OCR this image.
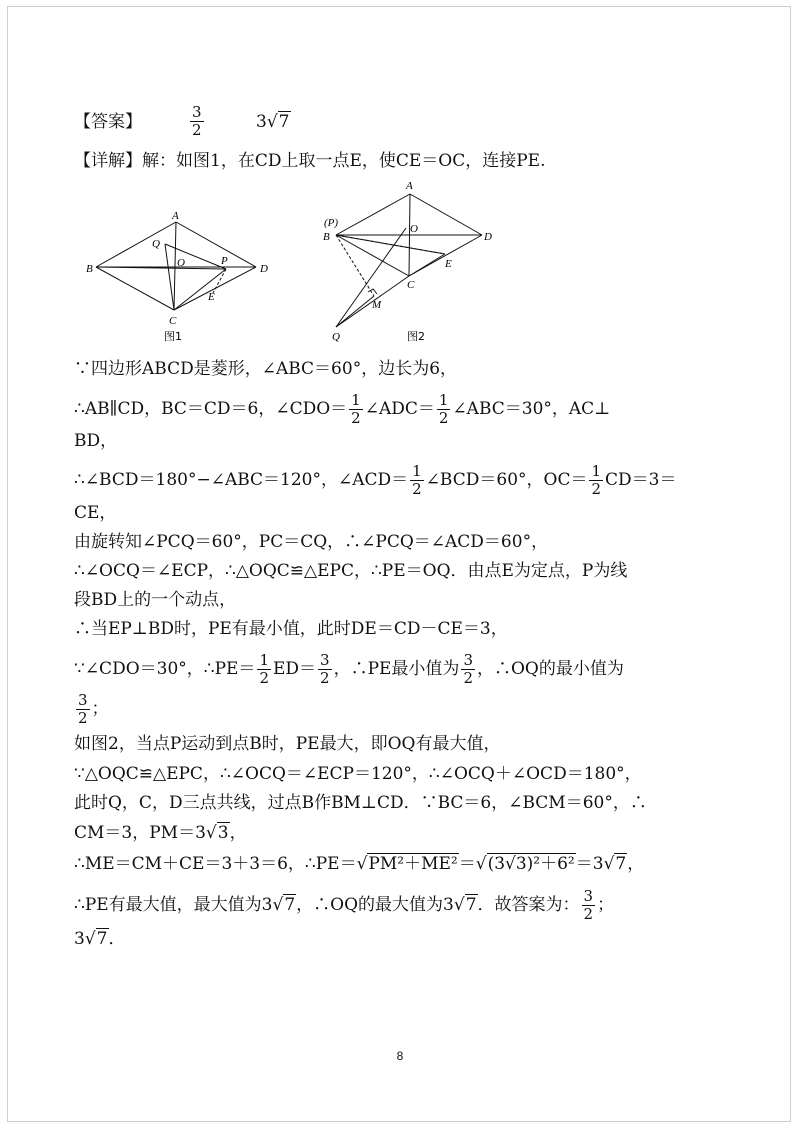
【答案】	$\frac{3}{2}$	3√7
【详解】解：如图1，在CD上取一点E，使CE＝OC，连接PE.
A
B
C
D
O
Q
P
E
图1
A
(P)
B
O
D
E
C
M
Q	图2
∵四边形ABCD是菱形，∠ABC＝60°，边长为6，
∴AB∥CD，BC＝CD＝6，∠CDO＝ $\frac{1}{2}$ ∠ADC＝ $\frac{1}{2}$ ∠ABC＝30°，AC⊥
BD，
∴∠BCD＝180°−∠ABC＝120°，∠ACD＝ $\frac{1}{2}$ ∠BCD＝60°，$OC= \frac{1}{2} CD=3=$
CE，
由旋转知∠PCQ＝60°，PC＝CQ，∴∠PCQ＝∠ACD＝60°，
∴∠OCQ＝∠ECP，∴△OQC≌△EPC，∴PE＝OQ．由点E为定点，P为线
段BD上的一个动点，
∴当EP⊥BD时，PE有最小值，此时DE＝CD－CE＝3，
∵∠CDO＝30°，∴PE＝ $\frac{1}{2} ED= \frac{3}{2}$ ，∴PE最小值为 $\frac{3}{2}$ ，∴OQ的最小值为
$\frac{3}{2}$ ；
如图2，当点P运动到点B时，PE最大，即OQ有最大值，
∵△OQC≌△EPC，∴∠OCQ＝∠ECP＝120°，∴∠OCQ＋∠OCD＝180°，
此时Q，C，D三点共线，过点B作BM⊥CD．∵BC＝6，∠BCM＝60°，∴
CM＝3，PM＝3√3，
∴ME＝CM＋CE＝3＋3＝6，∴PE＝√PM²＋ME²＝√(3√3)²＋6²＝3√7，
∴PE有最大值，最大值为3√7，∴OQ的最大值为3√7．故答案为： $\frac{3}{2}$ ；
3√7．
8
